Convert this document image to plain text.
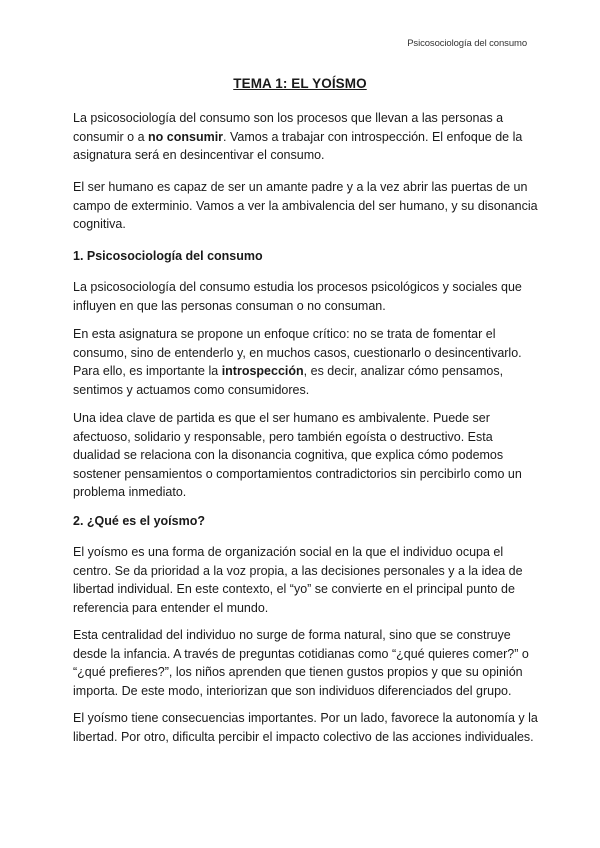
Psicosociología del consumo
TEMA 1: EL YOÍSMO

La psicosociología del consumo son los procesos que llevan a las personas a consumir o a no consumir. Vamos a trabajar con introspección. El enfoque de la asignatura será en desincentivar el consumo.

El ser humano es capaz de ser un amante padre y a la vez abrir las puertas de un campo de exterminio. Vamos a ver la ambivalencia del ser humano, y su disonancia cognitiva.

1. Psicosociología del consumo

La psicosociología del consumo estudia los procesos psicológicos y sociales que influyen en que las personas consuman o no consuman.

En esta asignatura se propone un enfoque crítico: no se trata de fomentar el consumo, sino de entenderlo y, en muchos casos, cuestionarlo o desincentivarlo. Para ello, es importante la introspección, es decir, analizar cómo pensamos, sentimos y actuamos como consumidores.

Una idea clave de partida es que el ser humano es ambivalente. Puede ser afectuoso, solidario y responsable, pero también egoísta o destructivo. Esta dualidad se relaciona con la disonancia cognitiva, que explica cómo podemos sostener pensamientos o comportamientos contradictorios sin percibirlo como un problema inmediato.

2. ¿Qué es el yoísmo?

El yoísmo es una forma de organización social en la que el individuo ocupa el centro. Se da prioridad a la voz propia, a las decisiones personales y a la idea de libertad individual. En este contexto, el “yo” se convierte en el principal punto de referencia para entender el mundo.

Esta centralidad del individuo no surge de forma natural, sino que se construye desde la infancia. A través de preguntas cotidianas como “¿qué quieres comer?” o “¿qué prefieres?”, los niños aprenden que tienen gustos propios y que su opinión importa. De este modo, interiorizan que son individuos diferenciados del grupo.

El yoísmo tiene consecuencias importantes. Por un lado, favorece la autonomía y la libertad. Por otro, dificulta percibir el impacto colectivo de las acciones individuales.
